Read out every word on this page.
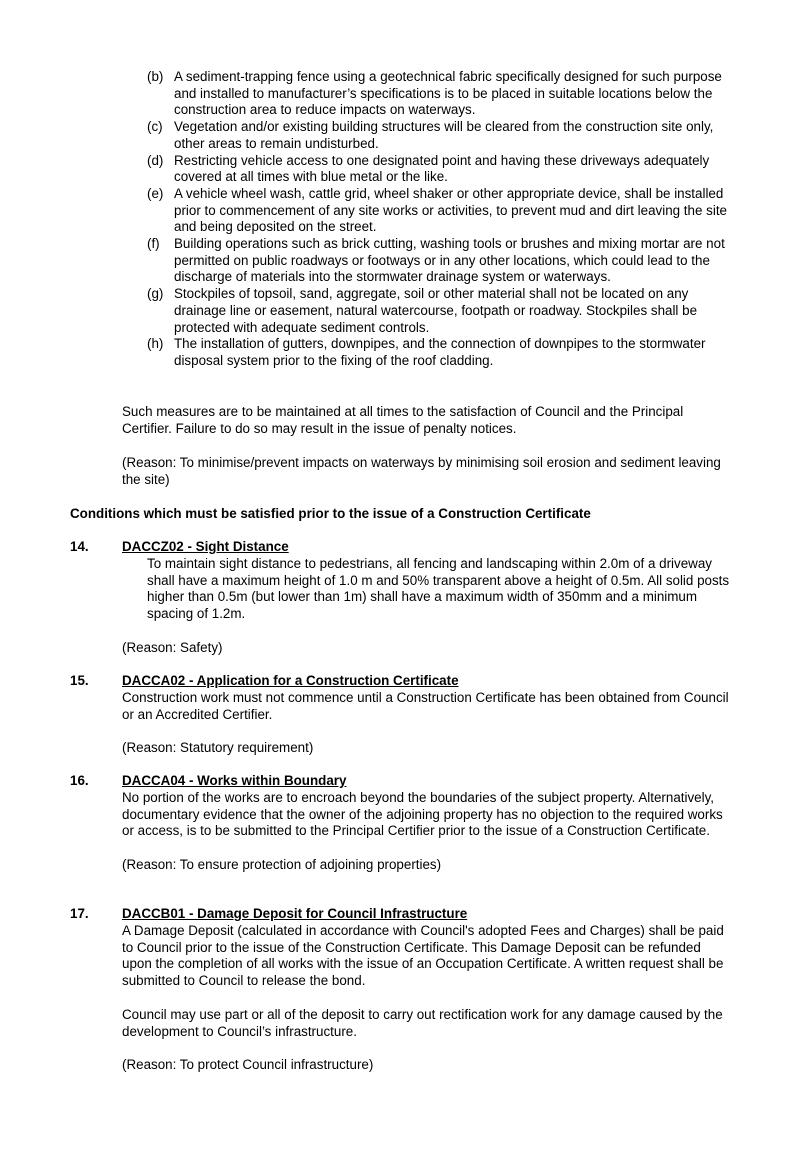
(b) A sediment-trapping fence using a geotechnical fabric specifically designed for such purpose and installed to manufacturer’s specifications is to be placed in suitable locations below the construction area to reduce impacts on waterways.
(c) Vegetation and/or existing building structures will be cleared from the construction site only, other areas to remain undisturbed.
(d) Restricting vehicle access to one designated point and having these driveways adequately covered at all times with blue metal or the like.
(e) A vehicle wheel wash, cattle grid, wheel shaker or other appropriate device, shall be installed prior to commencement of any site works or activities, to prevent mud and dirt leaving the site and being deposited on the street.
(f)	Building operations such as brick cutting, washing tools or brushes and mixing mortar are not permitted on public roadways or footways or in any other locations, which could lead to the discharge of materials into the stormwater drainage system or waterways.
(g) Stockpiles of topsoil, sand, aggregate, soil or other material shall not be located on any drainage line or easement, natural watercourse, footpath or roadway. Stockpiles shall be protected with adequate sediment controls.
(h) The installation of gutters, downpipes, and the connection of downpipes to the stormwater disposal system prior to the fixing of the roof cladding.

Such measures are to be maintained at all times to the satisfaction of Council and the Principal Certifier. Failure to do so may result in the issue of penalty notices.

(Reason: To minimise/prevent impacts on waterways by minimising soil erosion and sediment leaving the site)

Conditions which must be satisfied prior to the issue of a Construction Certificate
14. DACCZ02 - Sight Distance

To maintain sight distance to pedestrians, all fencing and landscaping within 2.0m of a driveway shall have a maximum height of 1.0 m and 50% transparent above a height of 0.5m. All solid posts higher than 0.5m (but lower than 1m) shall have a maximum width of 350mm and a minimum spacing of 1.2m.

(Reason: Safety)

15. DACCA02 - Application for a Construction Certificate

Construction work must not commence until a Construction Certificate has been obtained from Council or an Accredited Certifier.

(Reason: Statutory requirement)

16. DACCA04 - Works within Boundary

No portion of the works are to encroach beyond the boundaries of the subject property. Alternatively, documentary evidence that the owner of the adjoining property has no objection to the required works or access, is to be submitted to the Principal Certifier prior to the issue of a Construction Certificate.

(Reason: To ensure protection of adjoining properties)

17. DACCB01 - Damage Deposit for Council Infrastructure

A Damage Deposit (calculated in accordance with Council's adopted Fees and Charges) shall be paid to Council prior to the issue of the Construction Certificate. This Damage Deposit can be refunded upon the completion of all works with the issue of an Occupation Certificate. A written request shall be submitted to Council to release the bond.

Council may use part or all of the deposit to carry out rectification work for any damage caused by the development to Council’s infrastructure.

(Reason: To protect Council infrastructure)
